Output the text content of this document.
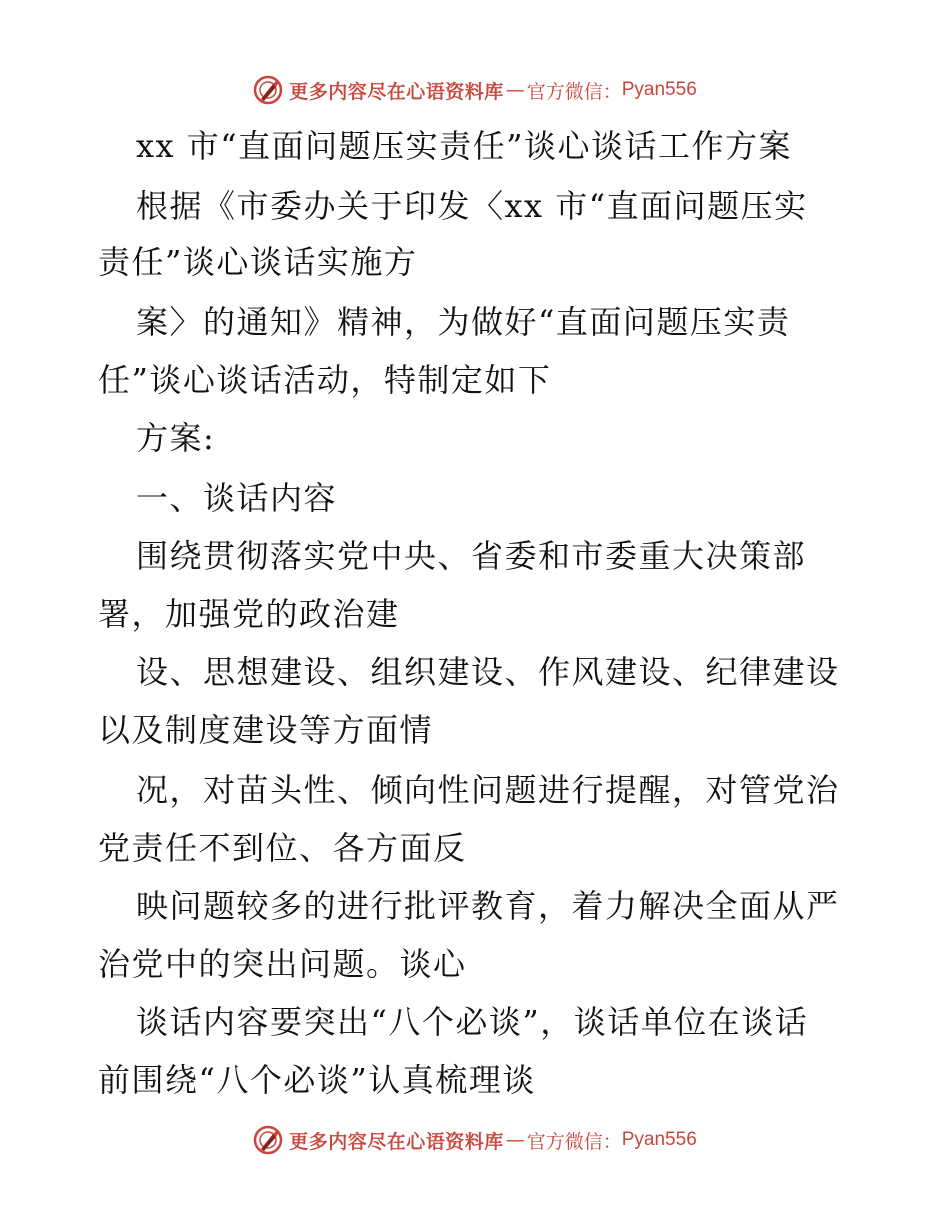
更多内容尽在心语资料库 — 官方微信： Pyan556
xx 市“直面问题压实责任”谈心谈话工作方案
根据《市委办关于印发〈xx 市“直面问题压实
责任”谈心谈话实施方
案〉的通知》精神，为做好“直面问题压实责
任”谈心谈话活动，特制定如下
方案:
一、谈话内容
围绕贯彻落实党中央、省委和市委重大决策部
署，加强党的政治建
设、思想建设、组织建设、作风建设、纪律建设
以及制度建设等方面情
况，对苗头性、倾向性问题进行提醒，对管党治
党责任不到位、各方面反
映问题较多的进行批评教育，着力解决全面从严
治党中的突出问题。谈心
谈话内容要突出“八个必谈”，谈话单位在谈话
前围绕“八个必谈”认真梳理谈
更多内容尽在心语资料库 — 官方微信： Pyan556
